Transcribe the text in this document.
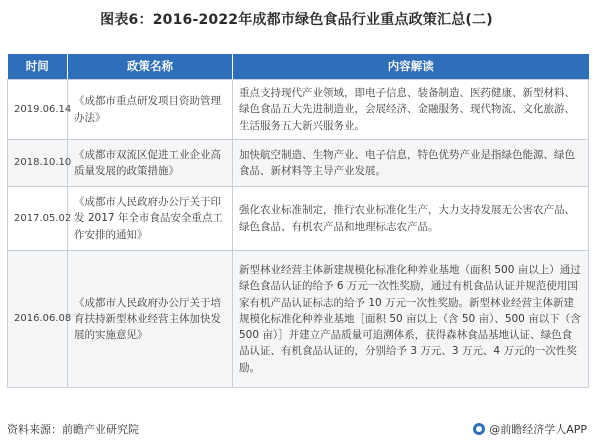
图表6：2016-2022年成都市绿色食品行业重点政策汇总(二)
时间	政策名称	内容解读
2019.06.14	《成都市重点研发项目资助管理办法》	重点支持现代产业领域，即电子信息、装备制造、医药健康、新型材料、绿色食品五大先进制造业，会展经济、金融服务、现代物流、文化旅游、生活服务五大新兴服务业。
2018.10.10	《成都市双流区促进工业企业高质量发展的政策措施》	加快航空制造、生物产业、电子信息，特色优势产业是指绿色能源、绿色食品、新材料等主导产业发展。
2017.05.02	《成都市人民政府办公厅关于印发 2017 年全市食品安全重点工作安排的通知》	强化农业标准制定，推行农业标准化生产，大力支持发展无公害农产品、绿色食品、有机农产品和地理标志农产品。
2016.06.08	《成都市人民政府办公厅关于培育扶持新型林业经营主体加快发展的实施意见》	新型林业经营主体新建规模化标准化种养业基地（面积 500 亩以上）通过绿色食品认证的给予 6 万元一次性奖励，通过有机食品认证并规范使用国家有机产品认证标志的给予 10 万元一次性奖励。新型林业经营主体新建规模化标准化种养业基地［面积 50 亩以上（含 50 亩）、500 亩以下（含 500 亩）］并建立产品质量可追溯体系，获得森林食品基地认证、绿色食品认证、有机食品认证的，分别给予 3 万元、3 万元、4 万元的一次性奖励。
资料来源：前瞻产业研究院	@前瞻经济学人APP
